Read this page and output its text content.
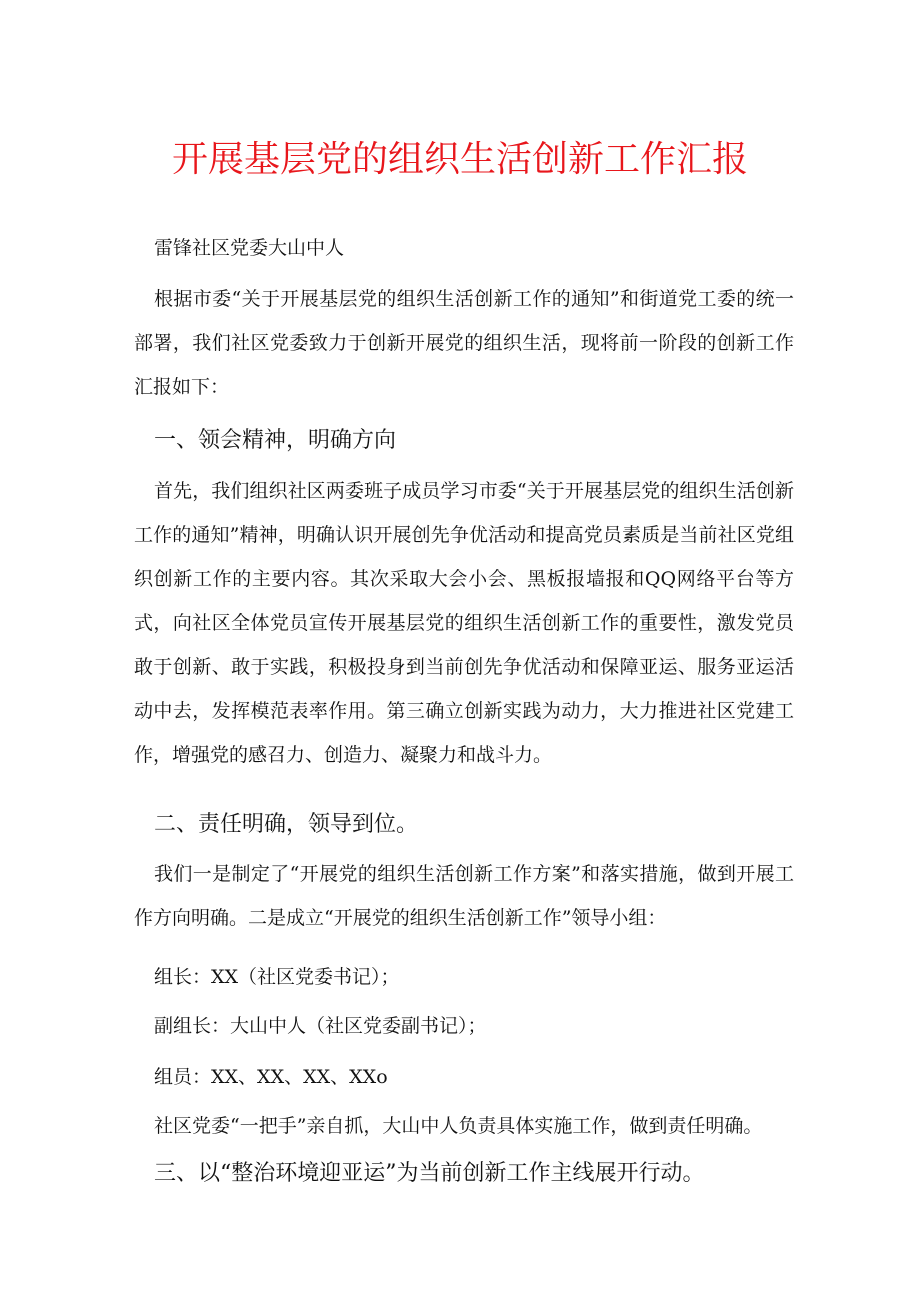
开展基层党的组织生活创新工作汇报

雷锋社区党委大山中人

根据市委“关于开展基层党的组织生活创新工作的通知”和街道党工委的统一部署，我们社区党委致力于创新开展党的组织生活，现将前一阶段的创新工作汇报如下：

一、领会精神，明确方向

首先，我们组织社区两委班子成员学习市委“关于开展基层党的组织生活创新工作的通知”精神，明确认识开展创先争优活动和提高党员素质是当前社区党组织创新工作的主要内容。其次采取大会小会、黑板报墙报和QQ网络平台等方式，向社区全体党员宣传开展基层党的组织生活创新工作的重要性，激发党员敢于创新、敢于实践，积极投身到当前创先争优活动和保障亚运、服务亚运活动中去，发挥模范表率作用。第三确立创新实践为动力，大力推进社区党建工作，增强党的感召力、创造力、凝聚力和战斗力。

二、责任明确，领导到位。

我们一是制定了“开展党的组织生活创新工作方案”和落实措施，做到开展工作方向明确。二是成立“开展党的组织生活创新工作”领导小组：

组长：XX（社区党委书记）；

副组长：大山中人（社区党委副书记）；

组员：XX、XX、XX、XXo

社区党委“一把手”亲自抓，大山中人负责具体实施工作，做到责任明确。

三、以“整治环境迎亚运”为当前创新工作主线展开行动。
